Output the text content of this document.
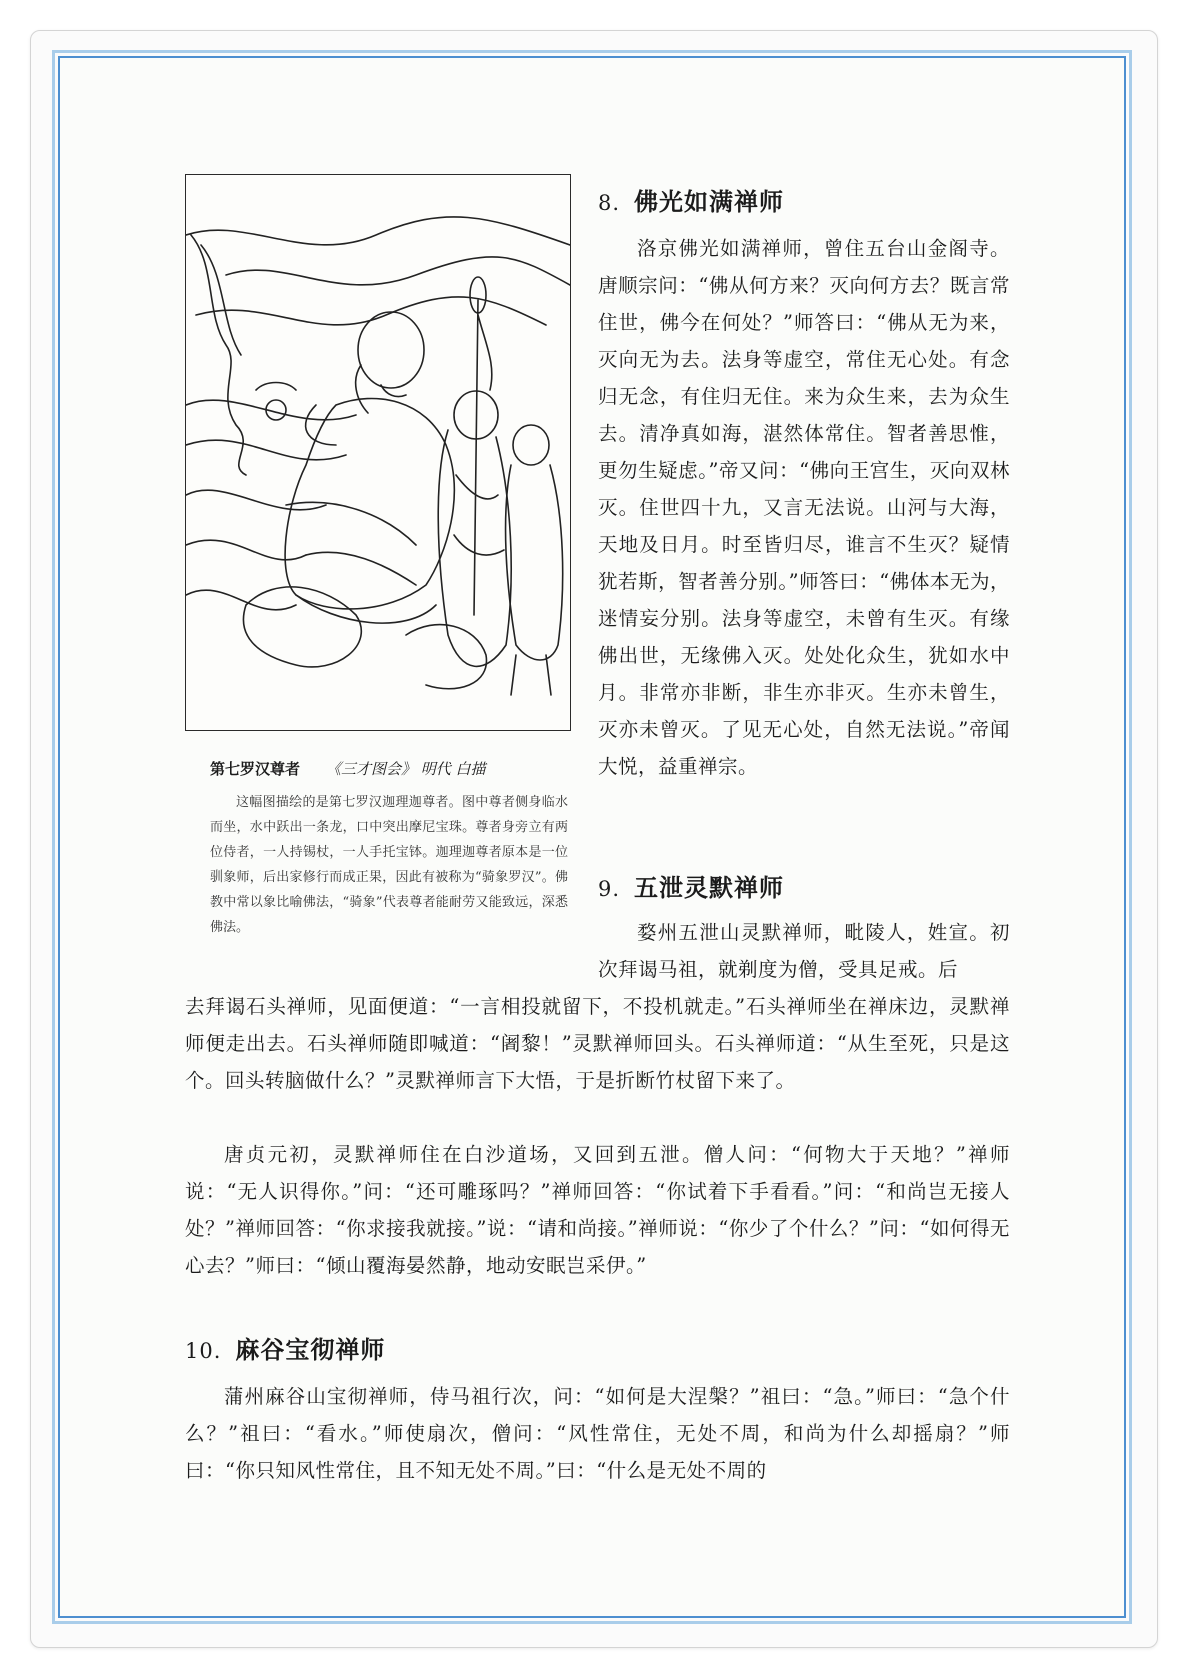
第七罗汉尊者 《三才图会》 明代 白描
这幅图描绘的是第七罗汉迦理迦尊者。图中尊者侧身临水而坐，水中跃出一条龙，口中突出摩尼宝珠。尊者身旁立有两位侍者，一人持锡杖，一人手托宝钵。迦理迦尊者原本是一位驯象师，后出家修行而成正果，因此有被称为“骑象罗汉”。佛教中常以象比喻佛法，“骑象”代表尊者能耐劳又能致远，深悉佛法。
8. 佛光如满禅师
洛京佛光如满禅师，曾住五台山金阁寺。唐顺宗问：“佛从何方来？灭向何方去？既言常住世，佛今在何处？”师答曰：“佛从无为来，灭向无为去。法身等虚空，常住无心处。有念归无念，有住归无住。来为众生来，去为众生去。清净真如海，湛然体常住。智者善思惟，更勿生疑虑。”帝又问：“佛向王宫生，灭向双林灭。住世四十九，又言无法说。山河与大海，天地及日月。时至皆归尽，谁言不生灭？疑情犹若斯，智者善分别。”师答曰：“佛体本无为，迷情妄分别。法身等虚空，未曾有生灭。有缘佛出世，无缘佛入灭。处处化众生，犹如水中月。非常亦非断，非生亦非灭。生亦未曾生，灭亦未曾灭。了见无心处，自然无法说。”帝闻大悦，益重禅宗。
9. 五泄灵默禅师
婺州五泄山灵默禅师，毗陵人，姓宣。初次拜谒马祖，就剃度为僧，受具足戒。后
去拜谒石头禅师，见面便道：“一言相投就留下，不投机就走。”石头禅师坐在禅床边，灵默禅师便走出去。石头禅师随即喊道：“阇黎！”灵默禅师回头。石头禅师道：“从生至死，只是这个。回头转脑做什么？”灵默禅师言下大悟，于是折断竹杖留下来了。
唐贞元初，灵默禅师住在白沙道场，又回到五泄。僧人问：“何物大于天地？”禅师说：“无人识得你。”问：“还可雕琢吗？”禅师回答：“你试着下手看看。”问：“和尚岂无接人处？”禅师回答：“你求接我就接。”说：“请和尚接。”禅师说：“你少了个什么？”问：“如何得无心去？”师曰：“倾山覆海晏然静，地动安眠岂采伊。”
10. 麻谷宝彻禅师
蒲州麻谷山宝彻禅师，侍马祖行次，问：“如何是大涅槃？”祖曰：“急。”师曰：“急个什么？”祖曰：“看水。”师使扇次，僧问：“风性常住，无处不周，和尚为什么却摇扇？”师曰：“你只知风性常住，且不知无处不周。”曰：“什么是无处不周的
